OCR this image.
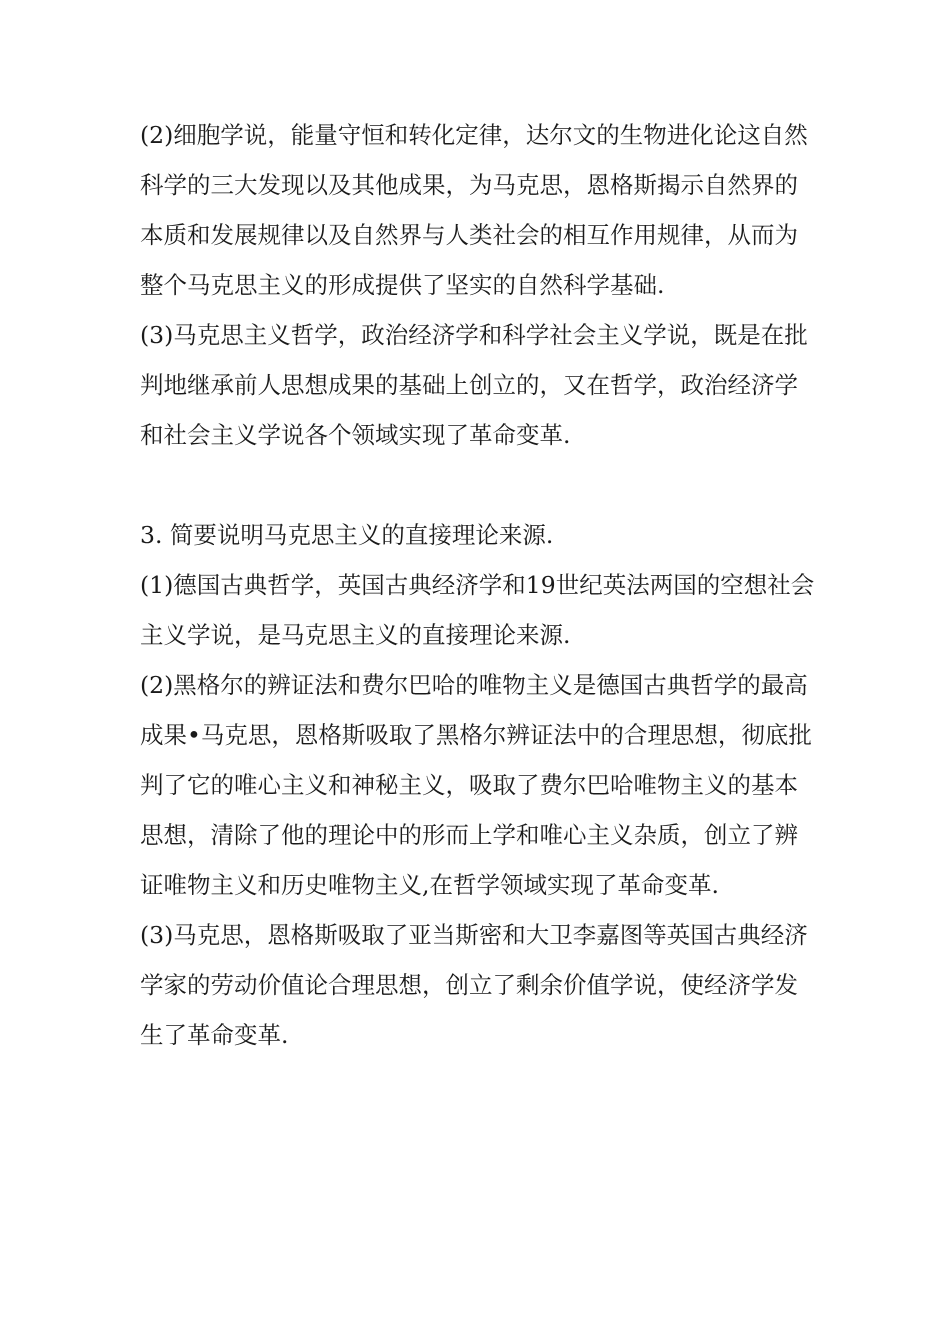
(2)细胞学说，能量守恒和转化定律，达尔文的生物进化论这自然科学的三大发现以及其他成果，为马克思，恩格斯揭示自然界的本质和发展规律以及自然界与人类社会的相互作用规律，从而为整个马克思主义的形成提供了坚实的自然科学基础.

(3)马克思主义哲学，政治经济学和科学社会主义学说，既是在批判地继承前人思想成果的基础上创立的，又在哲学，政治经济学和社会主义学说各个领域实现了革命变革.

3. 简要说明马克思主义的直接理论来源.

(1)德国古典哲学，英国古典经济学和19世纪英法两国的空想社会主义学说，是马克思主义的直接理论来源.

(2)黑格尔的辨证法和费尔巴哈的唯物主义是德国古典哲学的最高成果•马克思，恩格斯吸取了黑格尔辨证法中的合理思想，彻底批判了它的唯心主义和神秘主义，吸取了费尔巴哈唯物主义的基本思想，清除了他的理论中的形而上学和唯心主义杂质，创立了辨证唯物主义和历史唯物主义,在哲学领域实现了革命变革.

(3)马克思，恩格斯吸取了亚当斯密和大卫李嘉图等英国古典经济学家的劳动价值论合理思想，创立了剩余价值学说，使经济学发生了革命变革.
